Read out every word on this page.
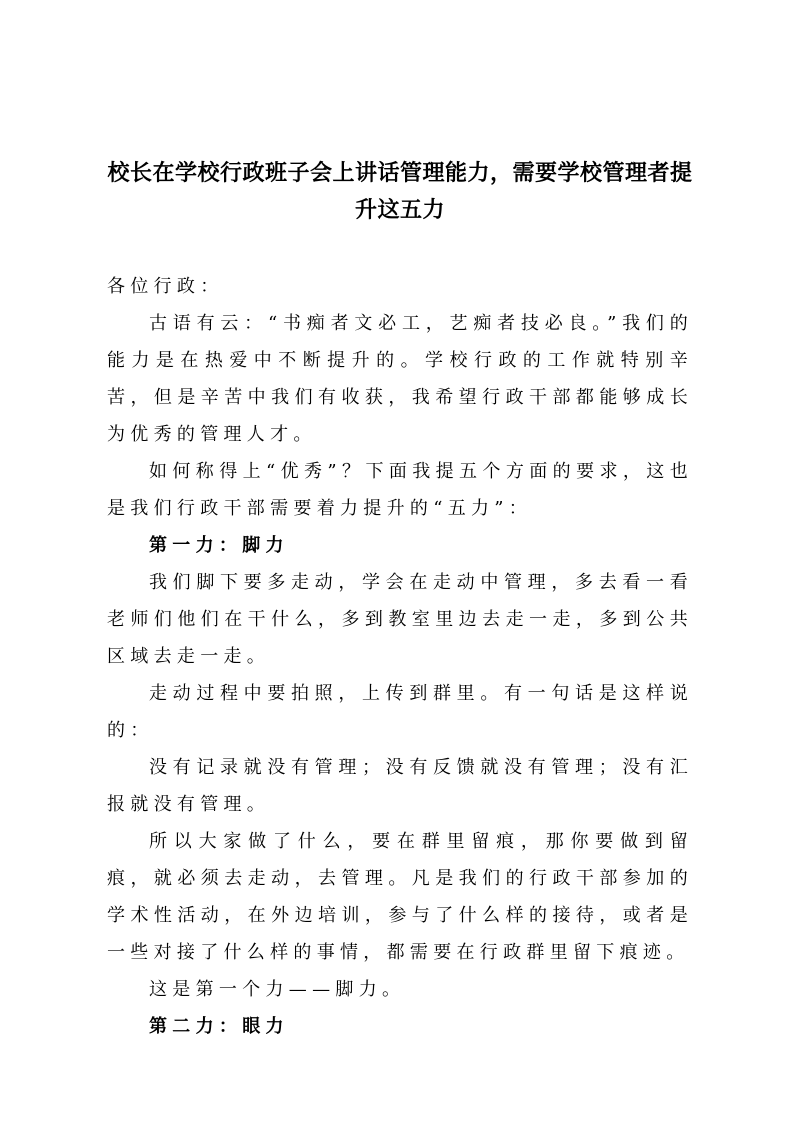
校长在学校行政班子会上讲话管理能力，需要学校管理者提升这五力

各位行政：

古语有云：“书痴者文必工，艺痴者技必良。”我们的能力是在热爱中不断提升的。学校行政的工作就特别辛苦，但是辛苦中我们有收获，我希望行政干部都能够成长为优秀的管理人才。

如何称得上“优秀”？下面我提五个方面的要求，这也是我们行政干部需要着力提升的“五力”：

第一力：脚力

我们脚下要多走动，学会在走动中管理，多去看一看老师们他们在干什么，多到教室里边去走一走，多到公共区域去走一走。

走动过程中要拍照，上传到群里。有一句话是这样说的：

没有记录就没有管理；没有反馈就没有管理；没有汇报就没有管理。

所以大家做了什么，要在群里留痕，那你要做到留痕，就必须去走动，去管理。凡是我们的行政干部参加的学术性活动，在外边培训，参与了什么样的接待，或者是一些对接了什么样的事情，都需要在行政群里留下痕迹。

这是第一个力——脚力。

第二力：眼力
